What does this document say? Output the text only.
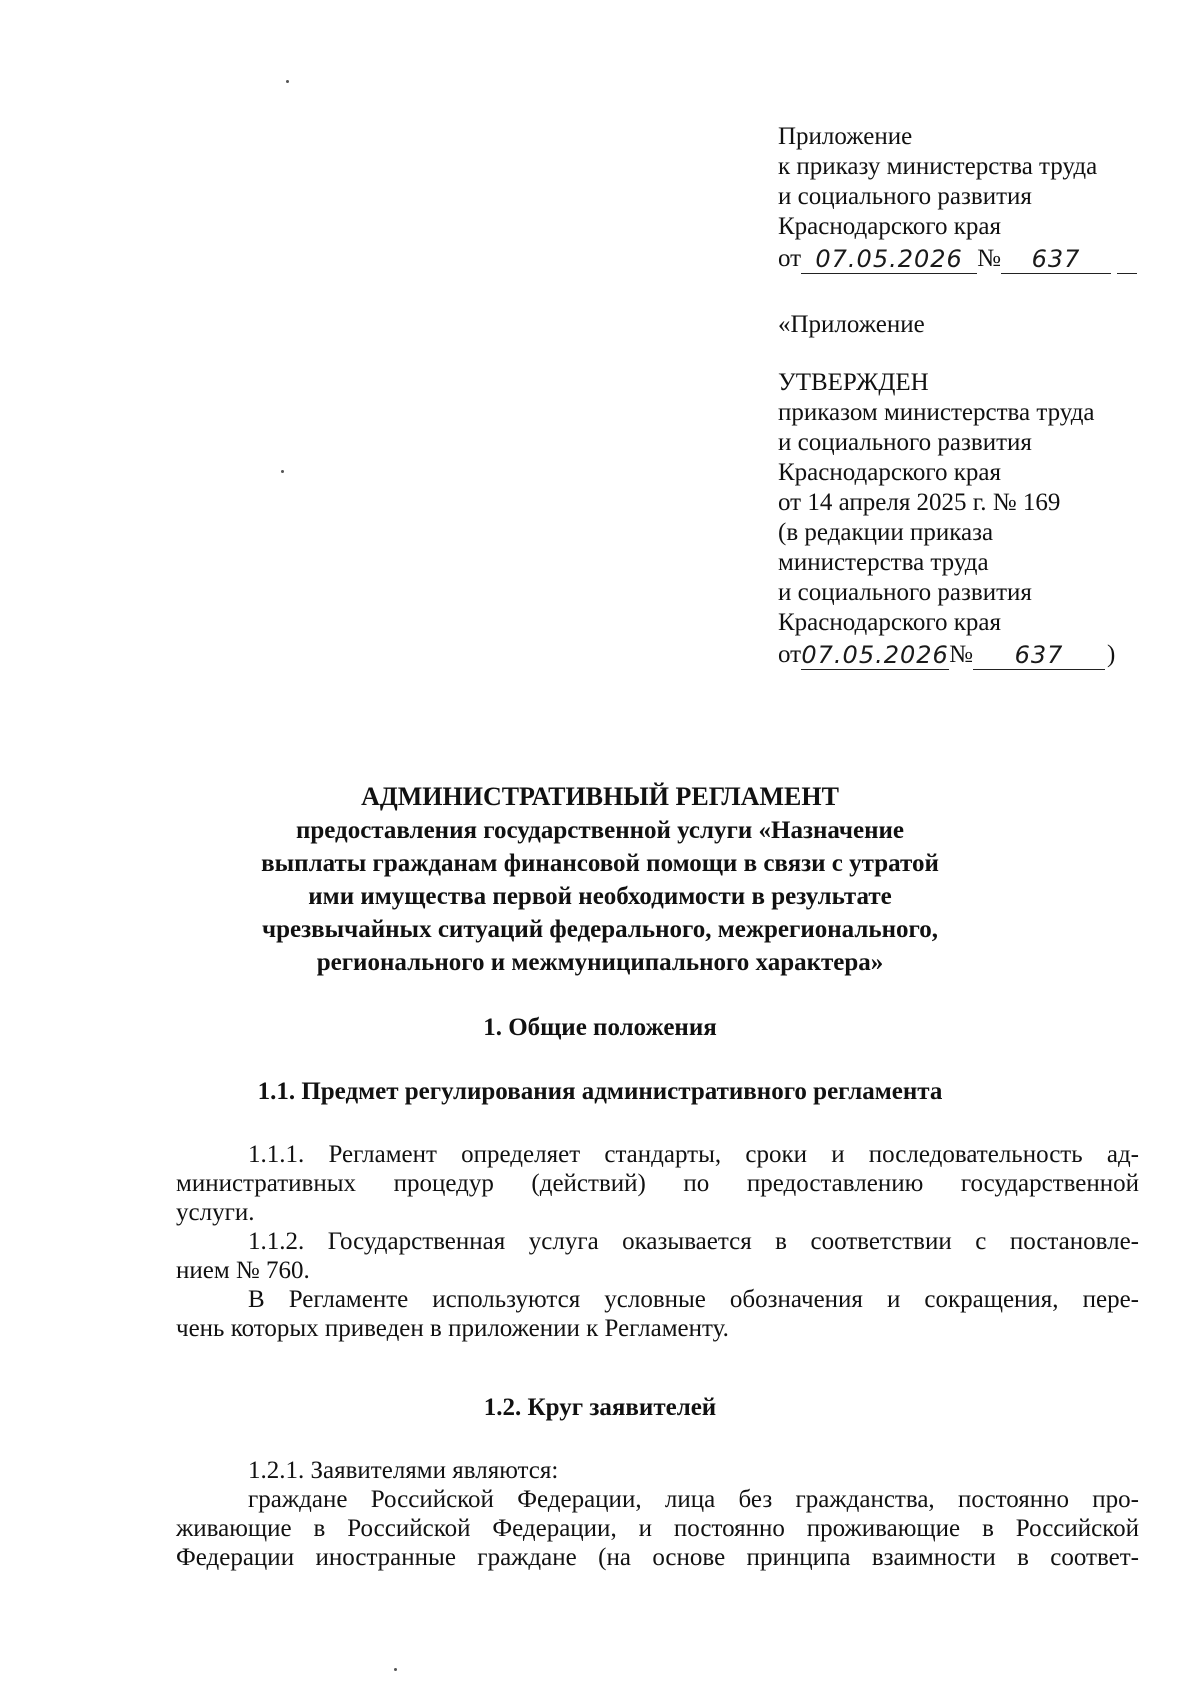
Приложение
к приказу министерства труда
и социального развития
Краснодарского края
от 07.05.2026 №	637
«Приложение
УТВЕРЖДЕН
приказом министерства труда
и социального развития
Краснодарского края
от 14 апреля 2025 г. № 169
(в редакции приказа
министерства труда
и социального развития
Краснодарского края
от 07.05.2026 №	637	)
АДМИНИСТРАТИВНЫЙ РЕГЛАМЕНТ
предоставления государственной услуги «Назначение
выплаты гражданам финансовой помощи в связи с утратой
ими имущества первой необходимости в результате
чрезвычайных ситуаций федерального, межрегионального,
регионального и межмуниципального характера»
1. Общие положения
1.1. Предмет регулирования административного регламента
1.1.1. Регламент определяет стандарты, сроки и последовательность ад-
министративных процедур (действий) по предоставлению государственной
услуги.
1.1.2. Государственная услуга оказывается в соответствии с постановле-
нием № 760.
В Регламенте используются условные обозначения и сокращения, пере-
чень которых приведен в приложении к Регламенту.
1.2. Круг заявителей
1.2.1. Заявителями являются:
граждане Российской Федерации, лица без гражданства, постоянно про-
живающие в Российской Федерации, и постоянно проживающие в Российской
Федерации иностранные граждане (на основе принципа взаимности в соответ-
